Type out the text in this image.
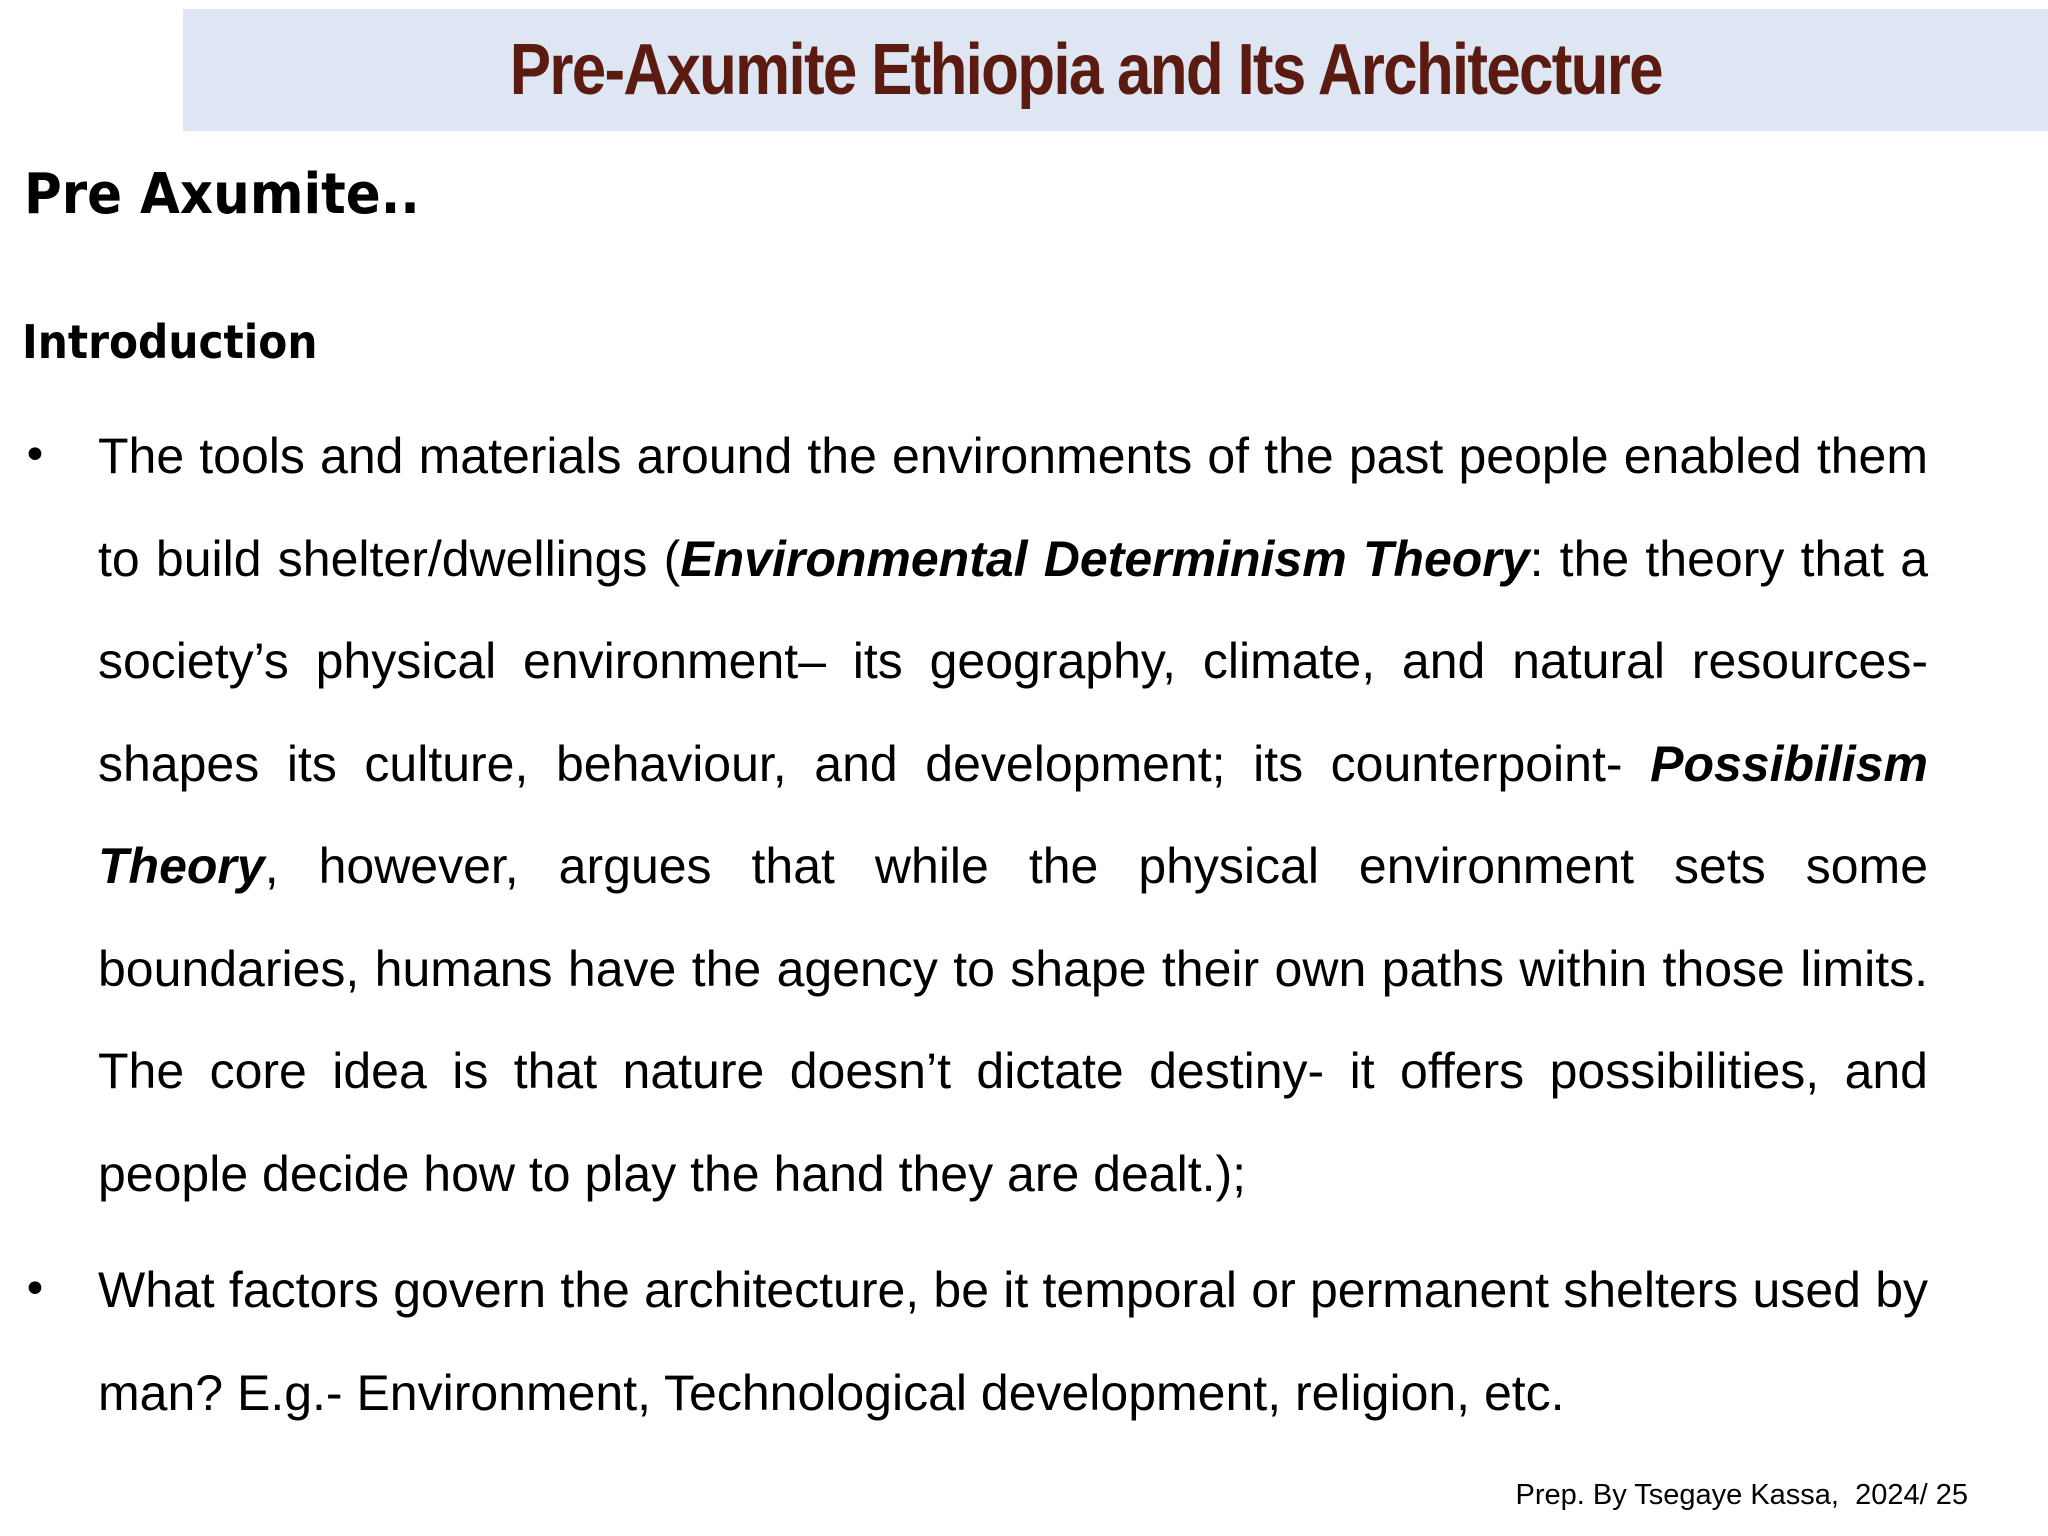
Pre-Axumite Ethiopia and Its Architecture
Pre Axumite..
Introduction
• The tools and materials around the environments of the past people enabled them to build shelter/dwellings (Environmental Determinism Theory: the theory that a society’s physical environment– its geography, climate, and natural resources- shapes its culture, behaviour, and development; its counterpoint- Possibilism Theory, however, argues that while the physical environment sets some boundaries, humans have the agency to shape their own paths within those limits. The core idea is that nature doesn’t dictate destiny- it offers possibilities, and people decide how to play the hand they are dealt.);
• What factors govern the architecture, be it temporal or permanent shelters used by man? E.g.- Environment, Technological development, religion, etc.
Prep. By Tsegaye Kassa,  2024/ 25
